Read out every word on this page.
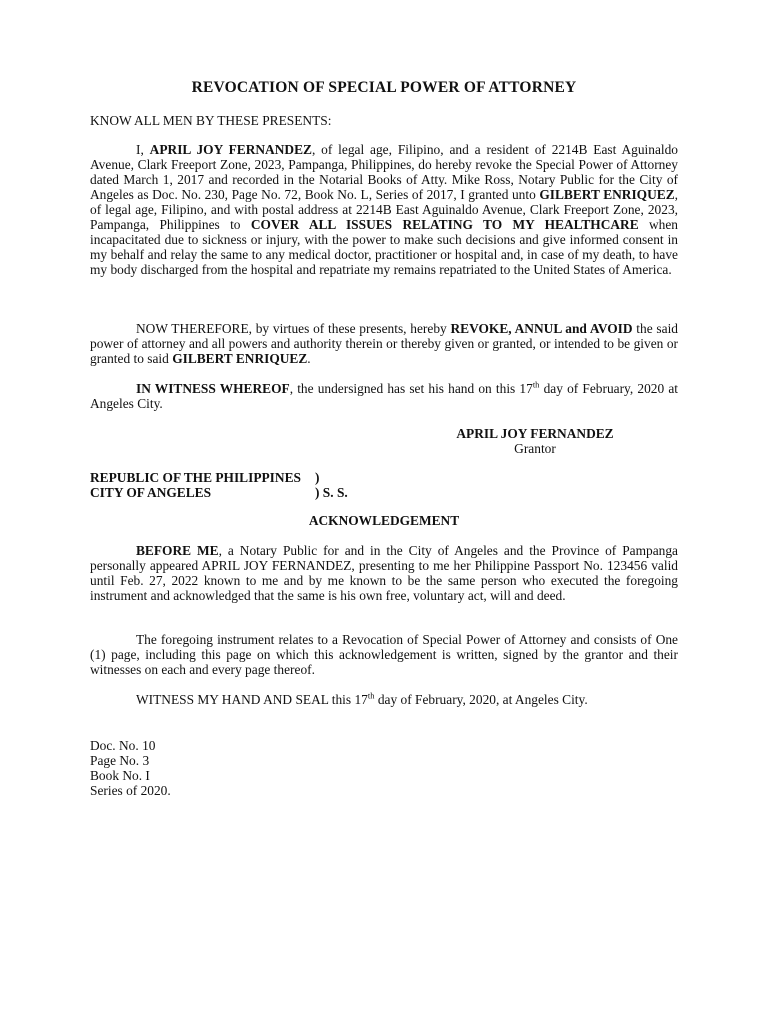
REVOCATION OF SPECIAL POWER OF ATTORNEY
KNOW ALL MEN BY THESE PRESENTS:

I, APRIL JOY FERNANDEZ, of legal age, Filipino, and a resident of 2214B East Aguinaldo Avenue, Clark Freeport Zone, 2023, Pampanga, Philippines, do hereby revoke the Special Power of Attorney dated March 1, 2017 and recorded in the Notarial Books of Atty. Mike Ross, Notary Public for the City of Angeles as Doc. No. 230, Page No. 72, Book No. L, Series of 2017, I granted unto GILBERT ENRIQUEZ, of legal age, Filipino, and with postal address at 2214B East Aguinaldo Avenue, Clark Freeport Zone, 2023, Pampanga, Philippines to COVER ALL ISSUES RELATING TO MY HEALTHCARE when incapacitated due to sickness or injury, with the power to make such decisions and give informed consent in my behalf and relay the same to any medical doctor, practitioner or hospital and, in case of my death, to have my body discharged from the hospital and repatriate my remains repatriated to the United States of America.

NOW THEREFORE, by virtues of these presents, hereby REVOKE, ANNUL and AVOID the said power of attorney and all powers and authority therein or thereby given or granted, or intended to be given or granted to said GILBERT ENRIQUEZ.

IN WITNESS WHEREOF, the undersigned has set his hand on this 17th day of February, 2020 at Angeles City.

APRIL JOY FERNANDEZ
Grantor
REPUBLIC OF THE PHILIPPINES )
CITY OF ANGELES	) S. S.
ACKNOWLEDGEMENT

BEFORE ME, a Notary Public for and in the City of Angeles and the Province of Pampanga personally appeared APRIL JOY FERNANDEZ, presenting to me her Philippine Passport No. 123456 valid until Feb. 27, 2022 known to me and by me known to be the same person who executed the foregoing instrument and acknowledged that the same is his own free, voluntary act, will and deed.

The foregoing instrument relates to a Revocation of Special Power of Attorney and consists of One (1) page, including this page on which this acknowledgement is written, signed by the grantor and their witnesses on each and every page thereof.

WITNESS MY HAND AND SEAL this 17th day of February, 2020, at Angeles City.

Doc. No. 10
Page No. 3
Book No. I
Series of 2020.
